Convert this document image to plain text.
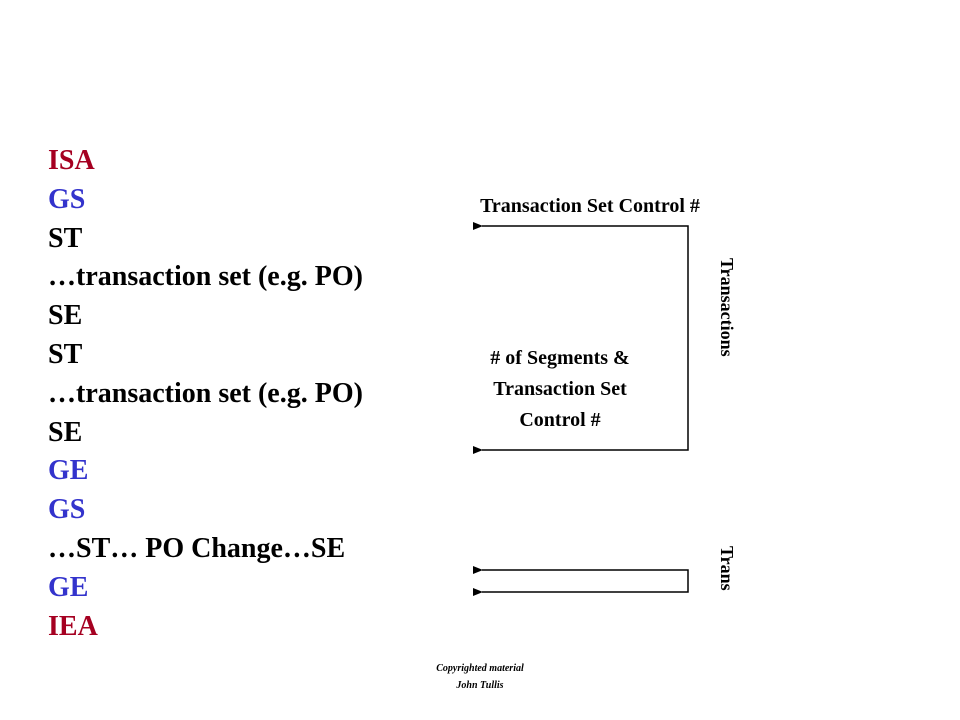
ISA
GS
ST
…transaction set (e.g. PO)
SE
ST
…transaction set (e.g. PO)
SE
GE
GS
…ST… PO Change…SE
GE
IEA
Transaction Set Control #
# of Segments &
Transaction Set
Control #
Transactions
Trans
Copyrighted material
John Tullis
